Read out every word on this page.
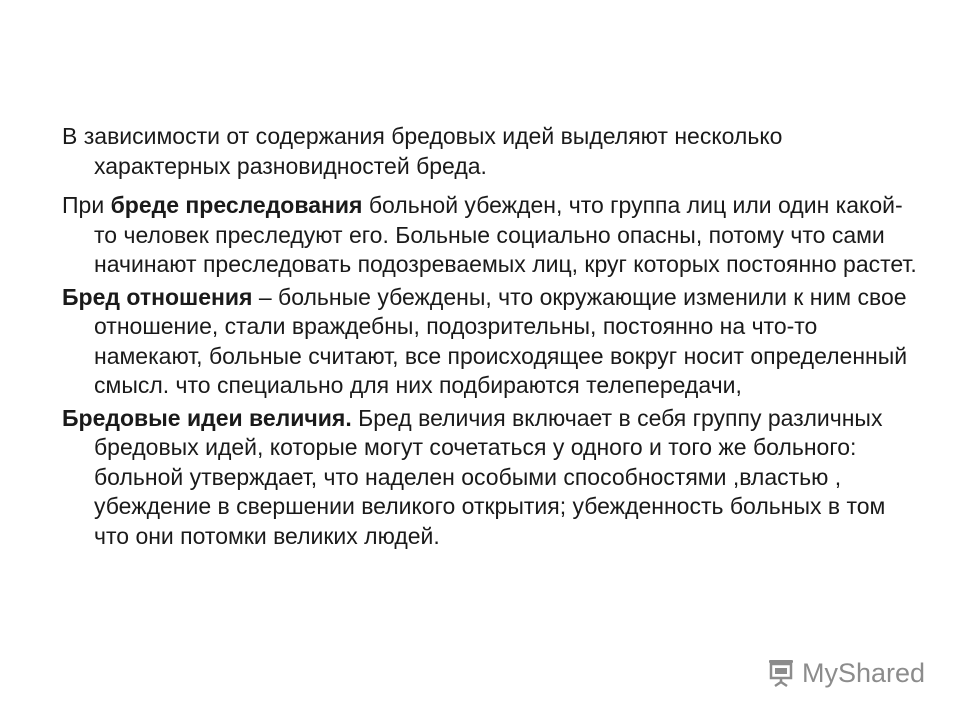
В зависимости от содержания бредовых идей выделяют несколько характерных разновидностей бреда.

При бреде преследования больной убежден, что группа лиц или один какой-то человек преследуют его. Больные социально опасны, потому что сами начинают преследовать подозреваемых лиц, круг которых постоянно растет.

Бред отношения – больные убеждены, что окружающие изменили к ним свое отношение, стали враждебны, подозрительны, постоянно на что-то намекают, больные считают, все происходящее вокруг носит определенный смысл. что специально для них подбираются телепередачи,

Бредовые идеи величия. Бред величия включает в себя группу различных бредовых идей, которые могут сочетаться у одного и того же больного: больной утверждает, что наделен особыми способностями ,властью , убеждение в свершении великого открытия; убежденность больных в том что они потомки великих людей.

MyShared
